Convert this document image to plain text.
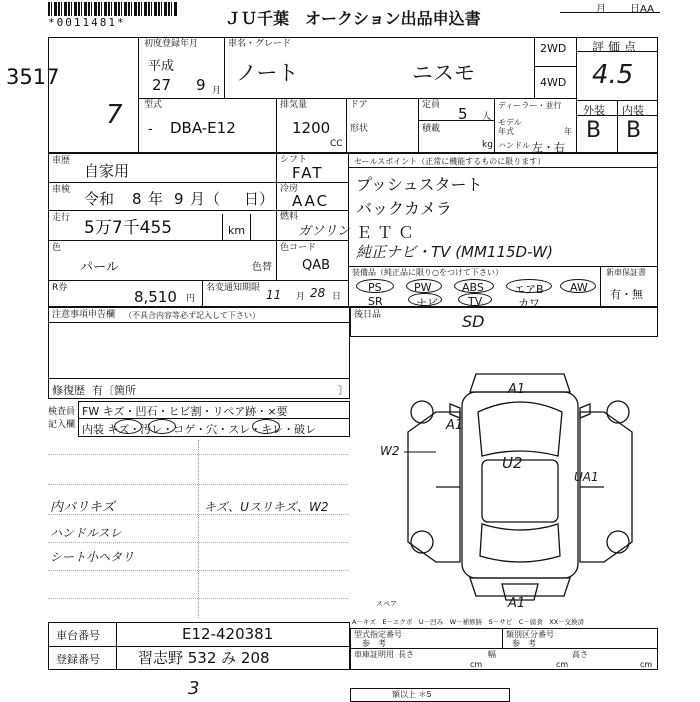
*0011481*	ＪＵ千葉　オークション出品申込書	月 日AA
3517
7
初度登録年月
平成
27 9 月
車名・グレード
ノート	ニスモ
2WD
4WD
評価点
4.5
外装 内装
B B
型式
- DBA-E12
排気量
1200
CC
ドア
形状
定員 5 人
積載
kg
ディーラー・並行
モデル
年式	年
ハンドル 左・右
車歴
自家用
車検 令和 8 年 9 月（ 日）
走行 5万7千455	km
シフト
FAT
冷房
AAC
燃料
ガソリン
色
パール	色替
色コード
QAB
セールスポイント（正常に機能するものに限ります）
プッシュスタート
バックカメラ
ＥＴＣ
純正ナビ・TV (MM115D-W)
装備品（純正品に限り○をつけて下さい）	新車保証書
有・無
PS	PW	ABS	エアB AW
SR	ナビ	TV	カワ
R券	8,510 円
名変通知期限 11 月 28 日
注意事項申告欄 （不具合内容等必ず記入して下さい）
修復歴 有〔箇所	〕
後日品	SD
検査員
記入欄
FW キズ・凹石・ヒビ割・リペア跡・×要
内装 キズ・汚レ・コゲ・穴・スレ・キレ・破レ
内バリキズ
ハンドルスレ
シート小ヘタリ
キズ、Uスリキズ、W2
A1
A1
W2
U2
UA1
A1
スペア
A－キズ　E－エクボ　U－凹み　W－補修跡　S－サビ　C－腐食　XX－交換済
車台番号	E12-420381
登録番号	習志野 532 み 208
型式指定番号
参　考
類別区分番号
参　考
車庫証明用 長さ
cm
幅
cm
高さ
cm
3	額以上 ＊5
